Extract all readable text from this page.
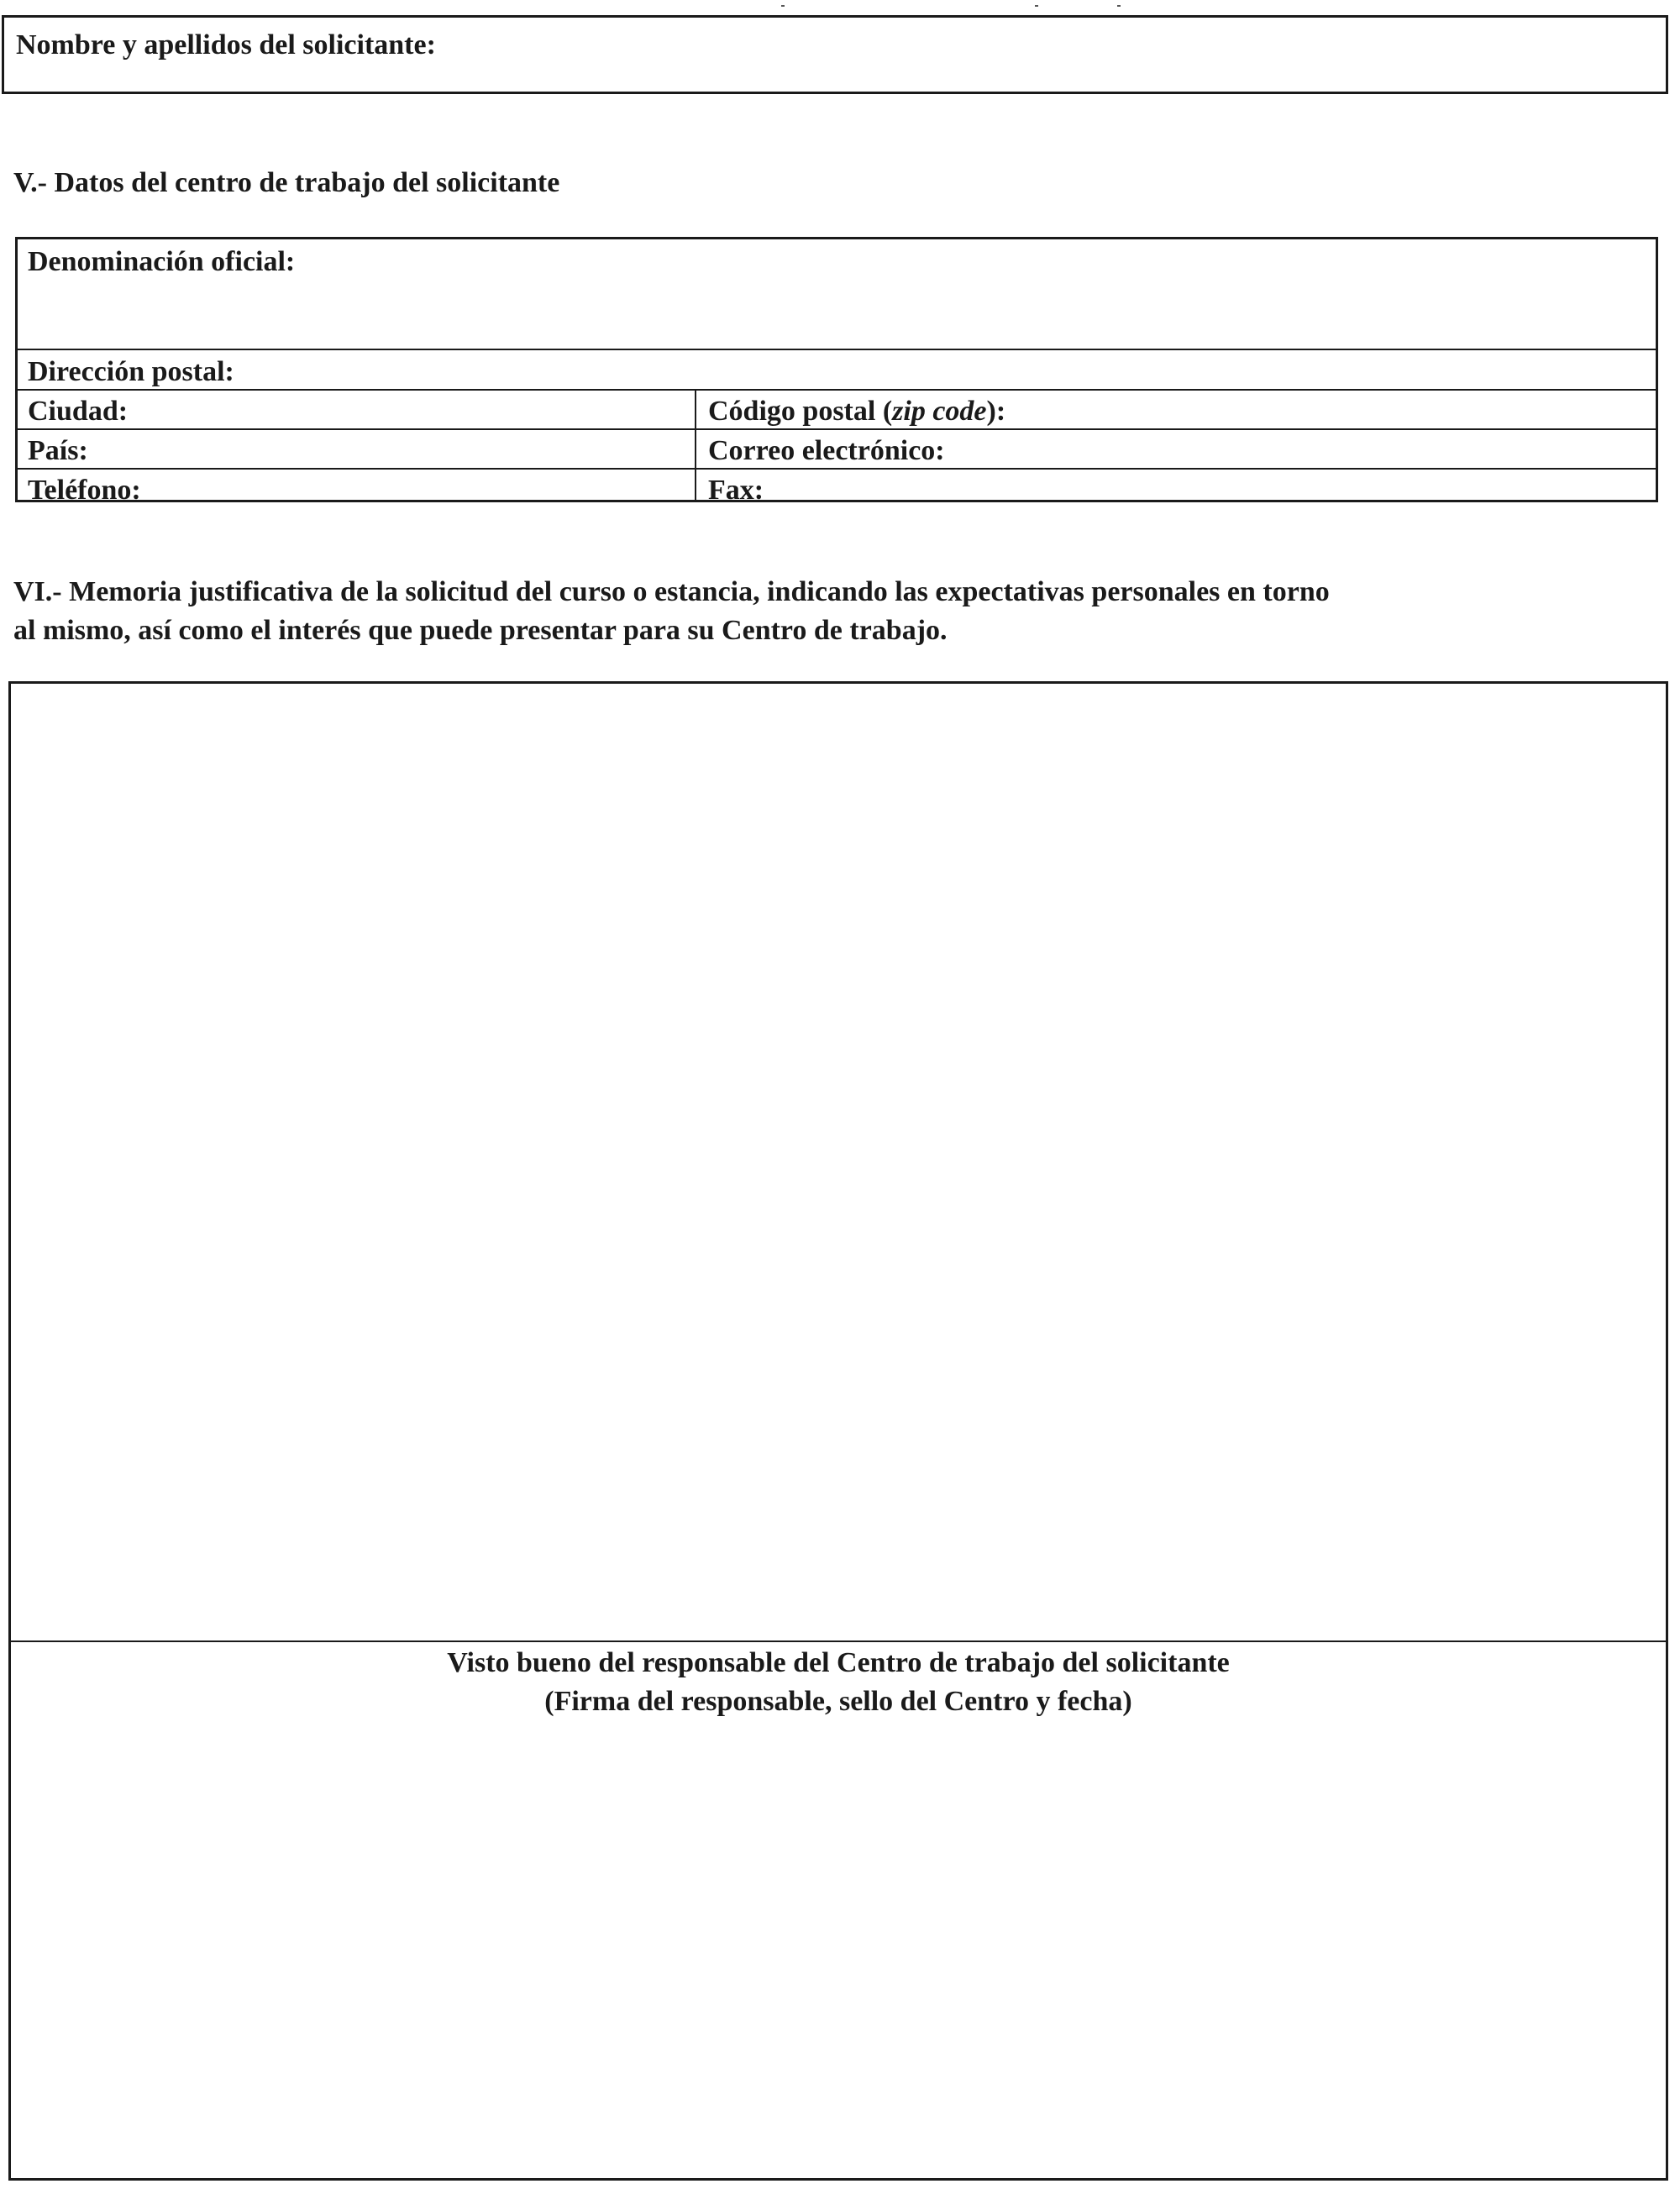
Nombre y apellidos del solicitante:
V.- Datos del centro de trabajo del solicitante
Denominación oficial:
Dirección postal:
Ciudad:	Código postal (zip code):
País:	Correo electrónico:
Teléfono:	Fax:
VI.- Memoria justificativa de la solicitud del curso o estancia, indicando las expectativas personales en torno
al mismo, así como el interés que puede presentar para su Centro de trabajo.
Visto bueno del responsable del Centro de trabajo del solicitante
(Firma del responsable, sello del Centro y fecha)
